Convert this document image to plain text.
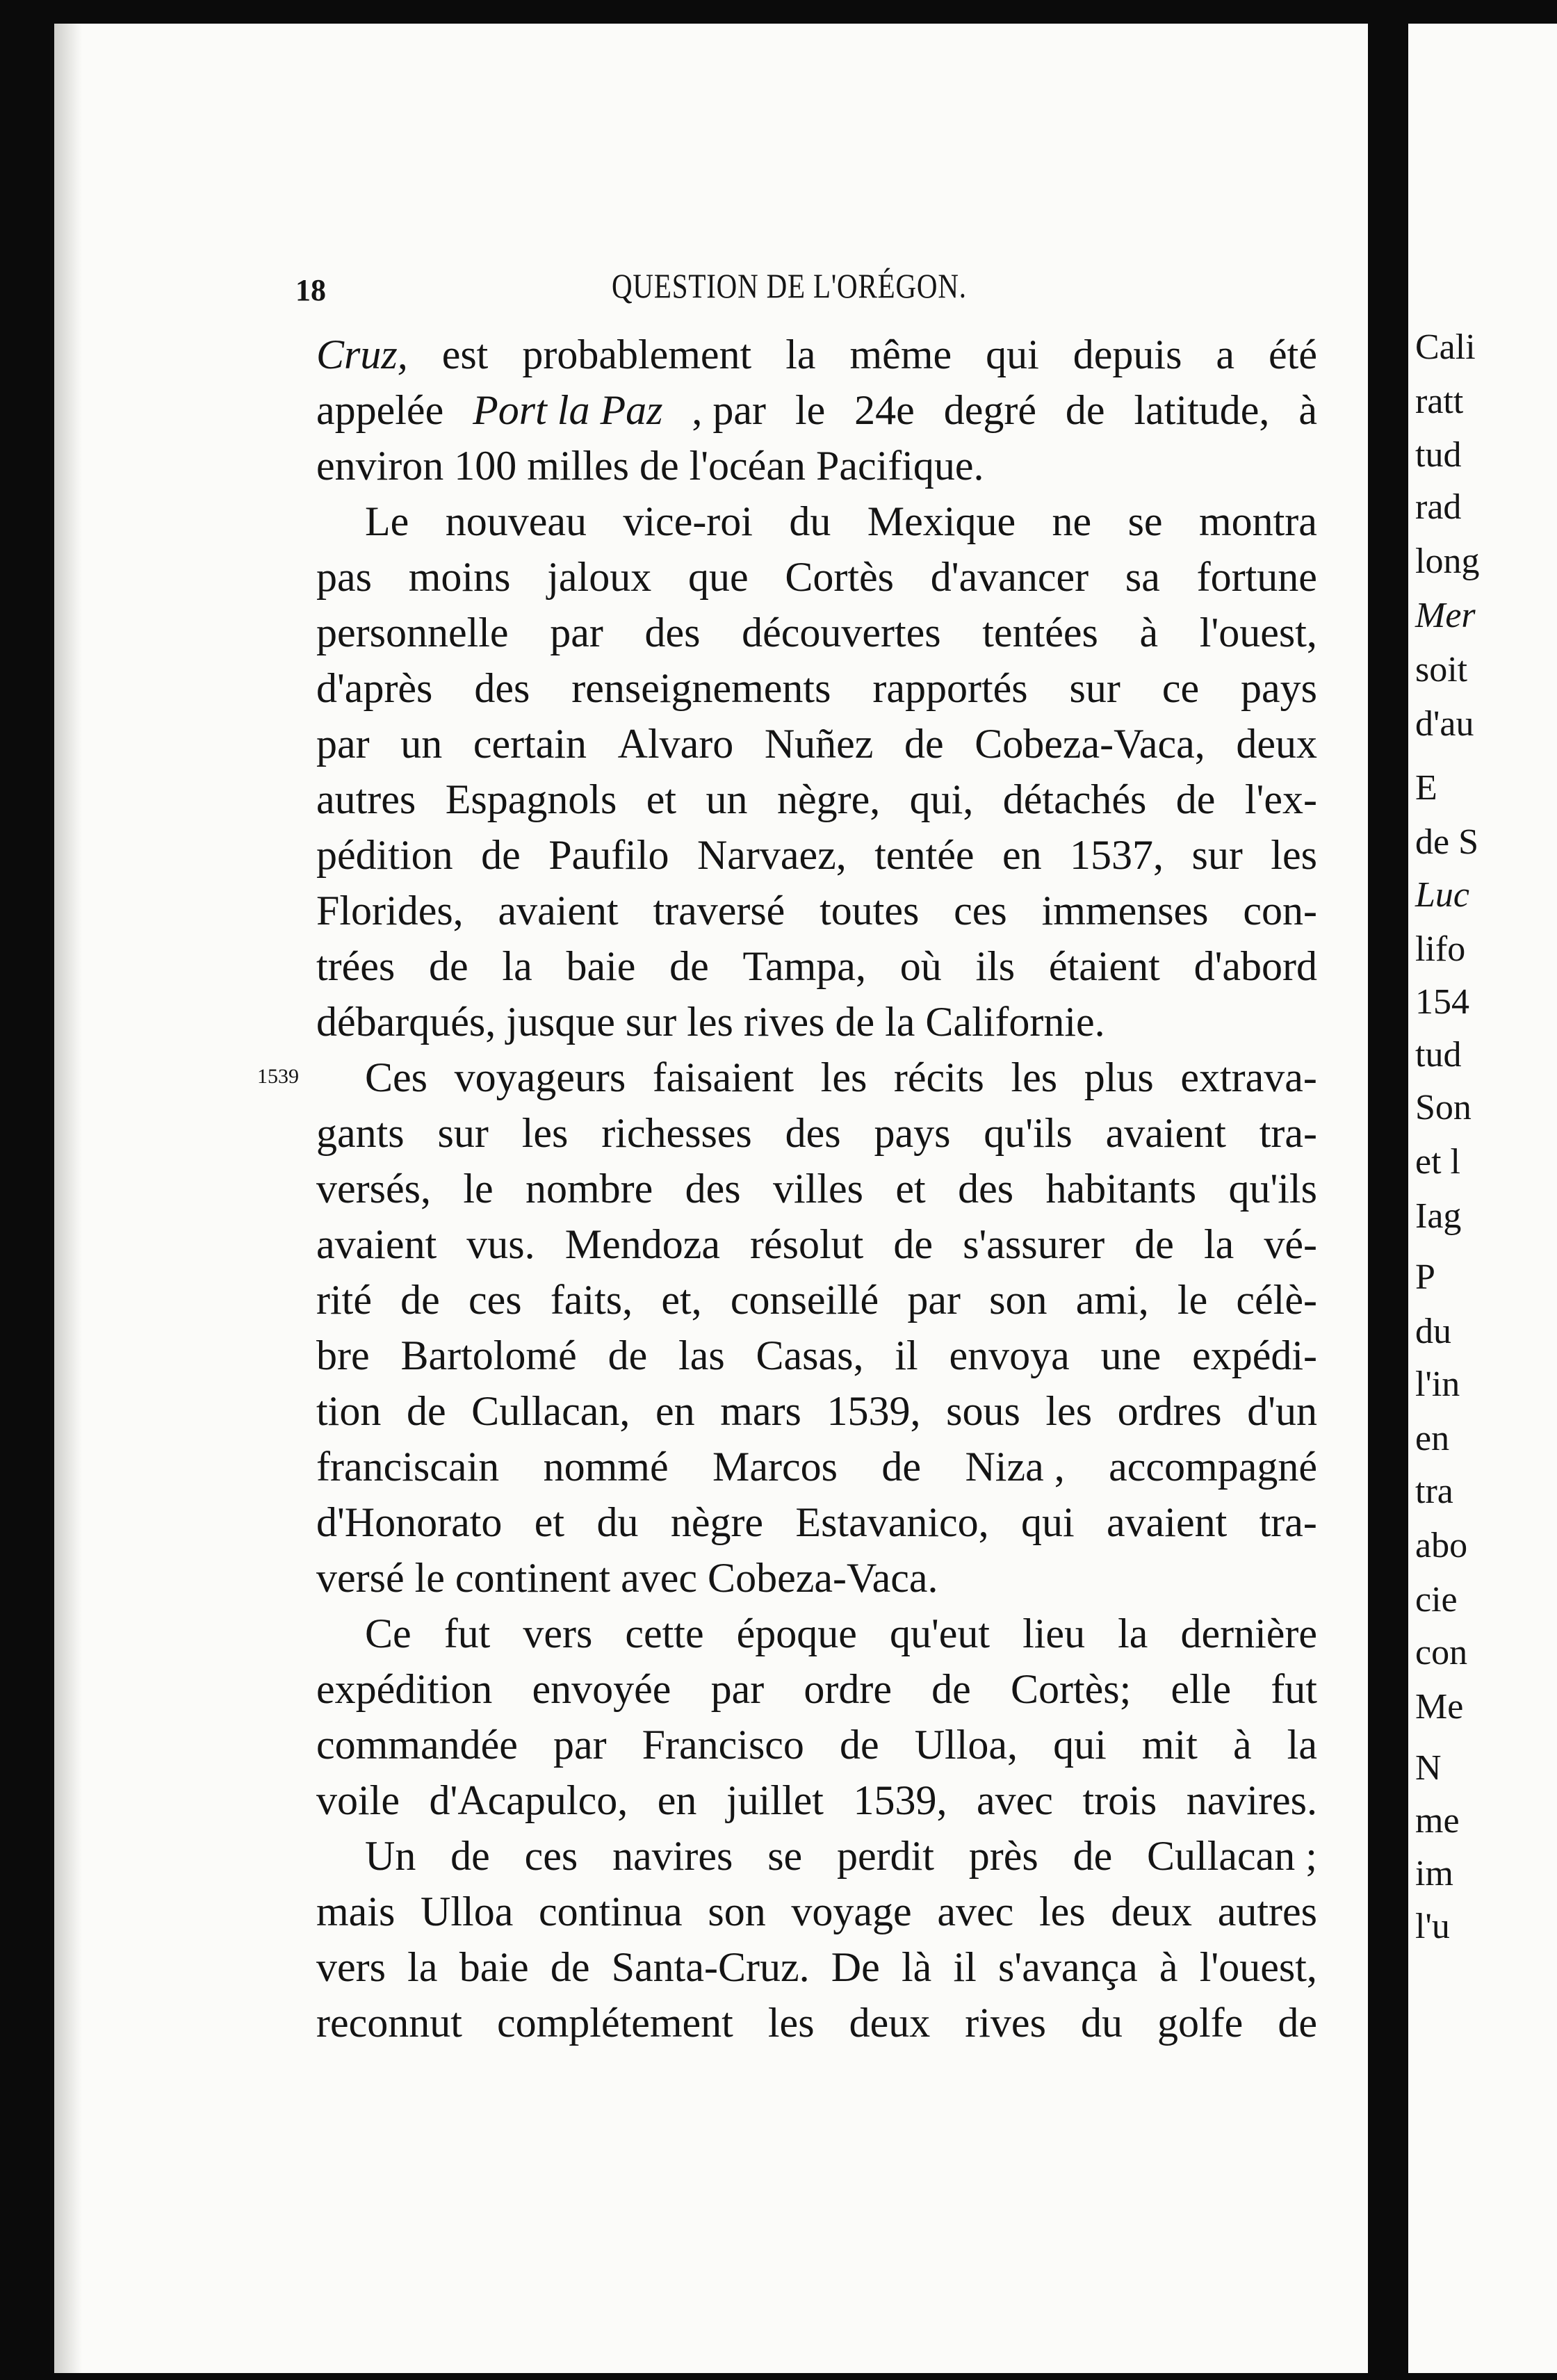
Cali
ratt
tud
rad
long
Mer
soit
d'au
E
de S
Luc
lifo
154
tud
Son
et l
Iag
P
du
l'in
en
tra
abo
cie
con
Me
N
me
im
l'u
18	QUESTION DE L'ORÉGON.
1539
Cruz, est probablement la même qui depuis a été
appelée Port la Paz , par le 24e degré de latitude, à
environ 100 milles de l'océan Pacifique.
Le nouveau vice-roi du Mexique ne se montra
pas moins jaloux que Cortès d'avancer sa fortune
personnelle par des découvertes tentées à l'ouest,
d'après des renseignements rapportés sur ce pays
par un certain Alvaro Nuñez de Cobeza-Vaca, deux
autres Espagnols et un nègre, qui, détachés de l'ex-
pédition de Paufilo Narvaez, tentée en 1537, sur les
Florides, avaient traversé toutes ces immenses con-
trées de la baie de Tampa, où ils étaient d'abord
débarqués, jusque sur les rives de la Californie.
Ces voyageurs faisaient les récits les plus extrava-
gants sur les richesses des pays qu'ils avaient tra-
versés, le nombre des villes et des habitants qu'ils
avaient vus. Mendoza résolut de s'assurer de la vé-
rité de ces faits, et, conseillé par son ami, le célè-
bre Bartolomé de las Casas, il envoya une expédi-
tion de Cullacan, en mars 1539, sous les ordres d'un
franciscain nommé Marcos de Niza , accompagné
d'Honorato et du nègre Estavanico, qui avaient tra-
versé le continent avec Cobeza-Vaca.
Ce fut vers cette époque qu'eut lieu la dernière
expédition envoyée par ordre de Cortès; elle fut
commandée par Francisco de Ulloa, qui mit à la
voile d'Acapulco, en juillet 1539, avec trois navires.
Un de ces navires se perdit près de Cullacan ;
mais Ulloa continua son voyage avec les deux autres
vers la baie de Santa-Cruz. De là il s'avança à l'ouest,
reconnut complétement les deux rives du golfe de
